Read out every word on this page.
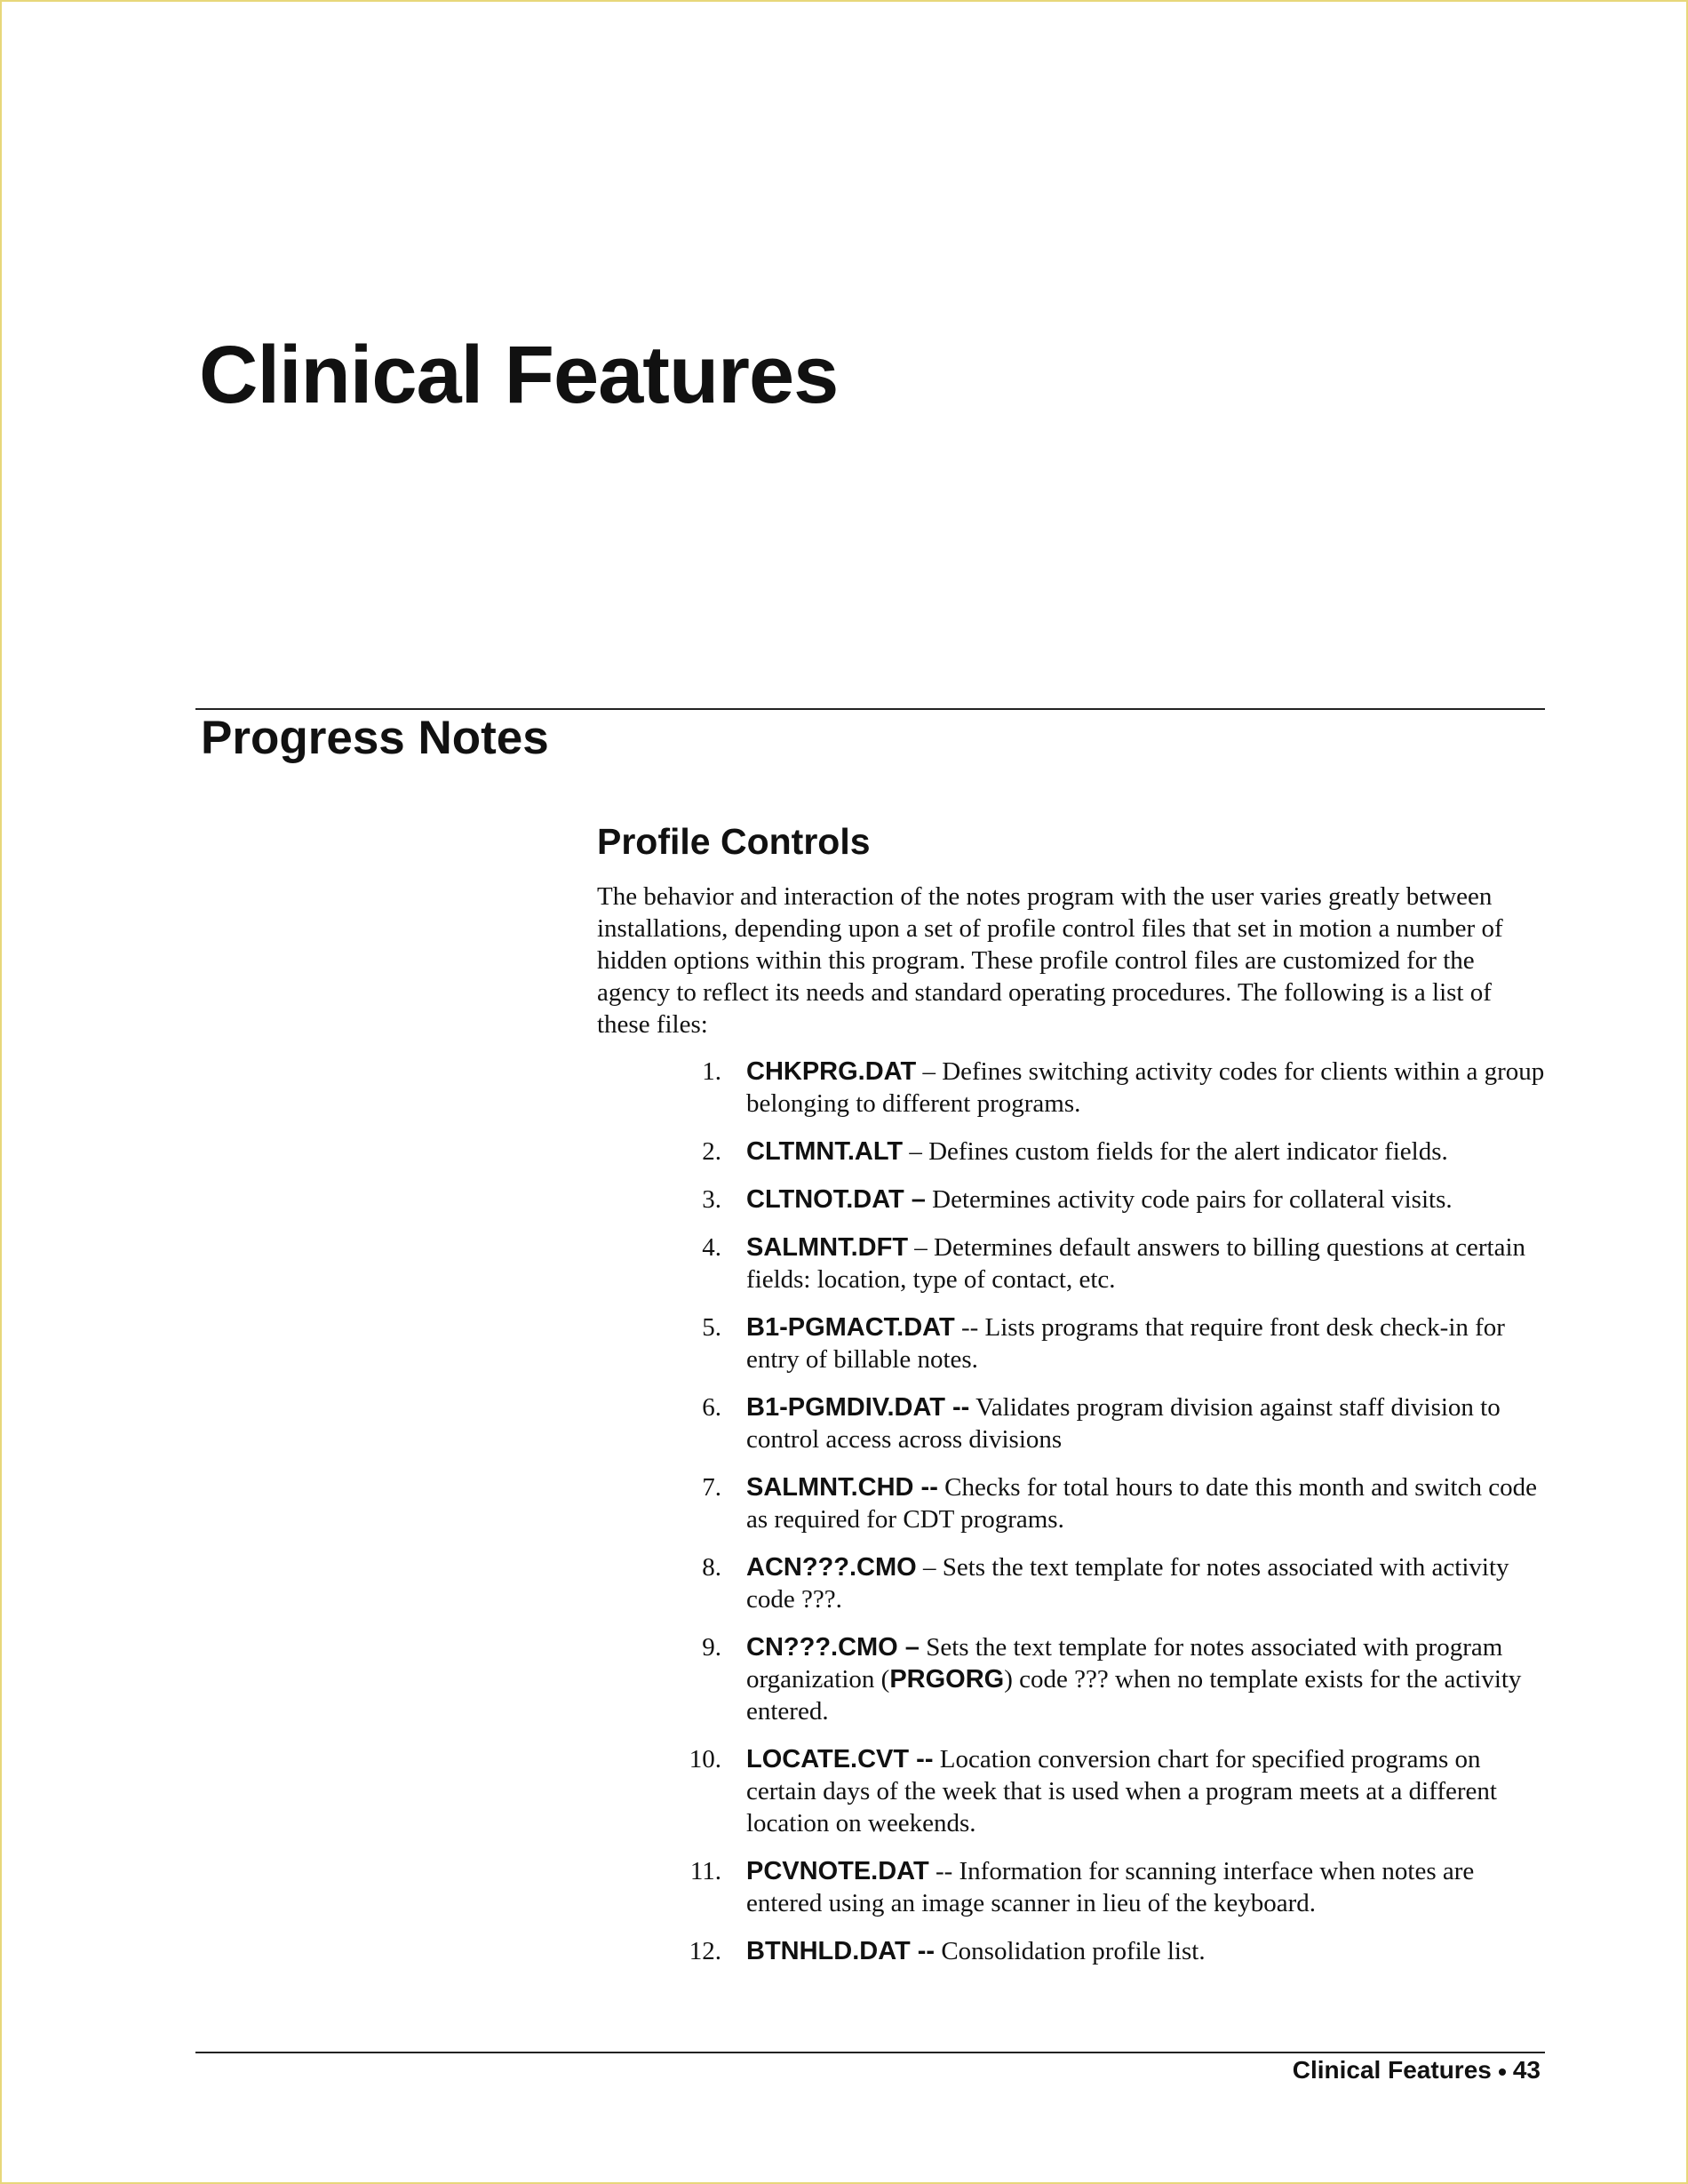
Clinical Features
Progress Notes
Profile Controls

The behavior and interaction of the notes program with the user varies greatly between installations, depending upon a set of profile control files that set in motion a number of hidden options within this program. These profile control files are customized for the agency to reflect its needs and standard operating procedures. The following is a list of these files:

1. CHKPRG.DAT – Defines switching activity codes for clients within a group belonging to different programs.
2. CLTMNT.ALT – Defines custom fields for the alert indicator fields.
3. CLTNOT.DAT – Determines activity code pairs for collateral visits.
4. SALMNT.DFT – Determines default answers to billing questions at certain fields: location, type of contact, etc.
5. B1-PGMACT.DAT -- Lists programs that require front desk check-in for entry of billable notes.
6. B1-PGMDIV.DAT -- Validates program division against staff division to control access across divisions
7. SALMNT.CHD -- Checks for total hours to date this month and switch code as required for CDT programs.
8. ACN???.CMO – Sets the text template for notes associated with activity code ???.
9. CN???.CMO – Sets the text template for notes associated with program organization (PRGORG) code ??? when no template exists for the activity entered.
10. LOCATE.CVT -- Location conversion chart for specified programs on certain days of the week that is used when a program meets at a different location on weekends.
11. PCVNOTE.DAT -- Information for scanning interface when notes are entered using an image scanner in lieu of the keyboard.
12. BTNHLD.DAT -- Consolidation profile list.
Clinical Features 43
